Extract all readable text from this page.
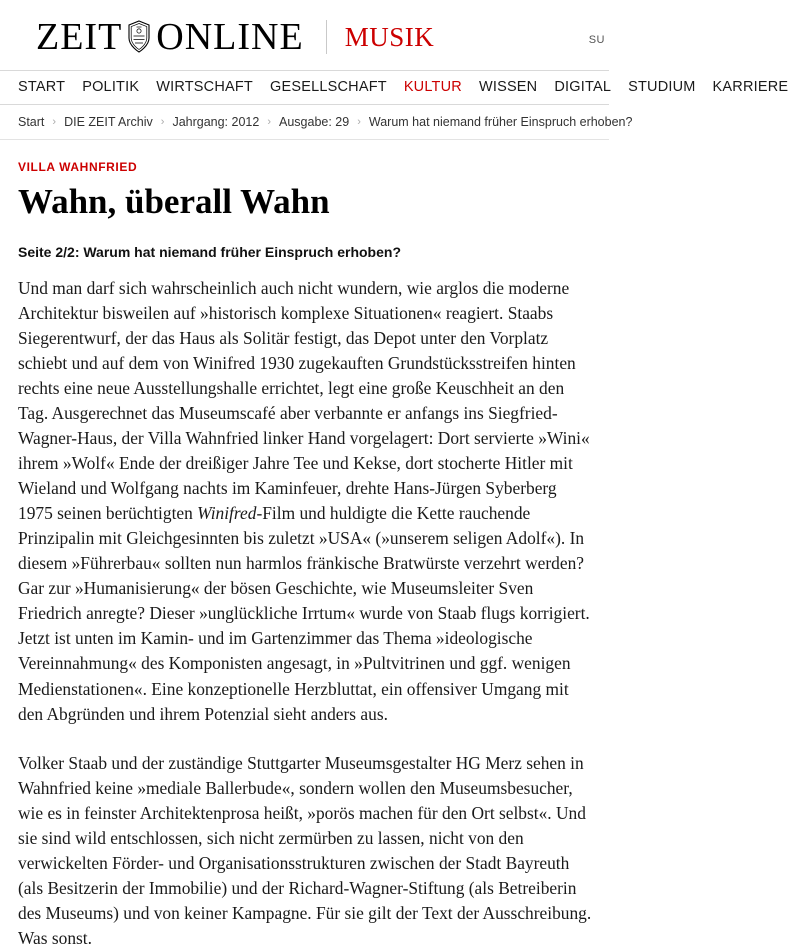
ZEIT ONLINE MUSIK	SU
START POLITIK WIRTSCHAFT GESELLSCHAFT KULTUR WISSEN DIGITAL STUDIUM KARRIERE
Start › DIE ZEIT Archiv › Jahrgang: 2012 › Ausgabe: 29 › Warum hat niemand früher Einspruch erhoben?
VILLA WAHNFRIED
Wahn, überall Wahn
Seite 2/2: Warum hat niemand früher Einspruch erhoben?

Und man darf sich wahrscheinlich auch nicht wundern, wie arglos die moderne Architektur bisweilen auf »historisch komplexe Situationen« reagiert. Staabs Siegerentwurf, der das Haus als Solitär festigt, das Depot unter den Vorplatz schiebt und auf dem von Winifred 1930 zugekauften Grundstücksstreifen hinten rechts eine neue Ausstellungshalle errichtet, legt eine große Keuschheit an den Tag. Ausgerechnet das Museumscafé aber verbannte er anfangs ins Siegfried-Wagner-Haus, der Villa Wahnfried linker Hand vorgelagert: Dort servierte »Wini« ihrem »Wolf« Ende der dreißiger Jahre Tee und Kekse, dort stocherte Hitler mit Wieland und Wolfgang nachts im Kaminfeuer, drehte Hans-Jürgen Syberberg 1975 seinen berüchtigten Winifred-Film und huldigte die Kette rauchende Prinzipalin mit Gleichgesinnten bis zuletzt »USA« (»unserem seligen Adolf«). In diesem »Führerbau« sollten nun harmlos fränkische Bratwürste verzehrt werden? Gar zur »Humanisierung« der bösen Geschichte, wie Museumsleiter Sven Friedrich anregte? Dieser »unglückliche Irrtum« wurde von Staab flugs korrigiert. Jetzt ist unten im Kamin- und im Gartenzimmer das Thema »ideologische Vereinnahmung« des Komponisten angesagt, in »Pultvitrinen und ggf. wenigen Medienstationen«. Eine konzeptionelle Herzbluttat, ein offensiver Umgang mit den Abgründen und ihrem Potenzial sieht anders aus.

Volker Staab und der zuständige Stuttgarter Museumsgestalter HG Merz sehen in Wahnfried keine »mediale Ballerbude«, sondern wollen den Museumsbesucher, wie es in feinster Architektenprosa heißt, »porös machen für den Ort selbst«. Und sie sind wild entschlossen, sich nicht zermürben zu lassen, nicht von den verwickelten Förder- und Organisationsstrukturen zwischen der Stadt Bayreuth (als Besitzerin der Immobilie) und der Richard-Wagner-Stiftung (als Betreiberin des Museums) und von keiner Kampagne. Für sie gilt der Text der Ausschreibung. Was sonst.
